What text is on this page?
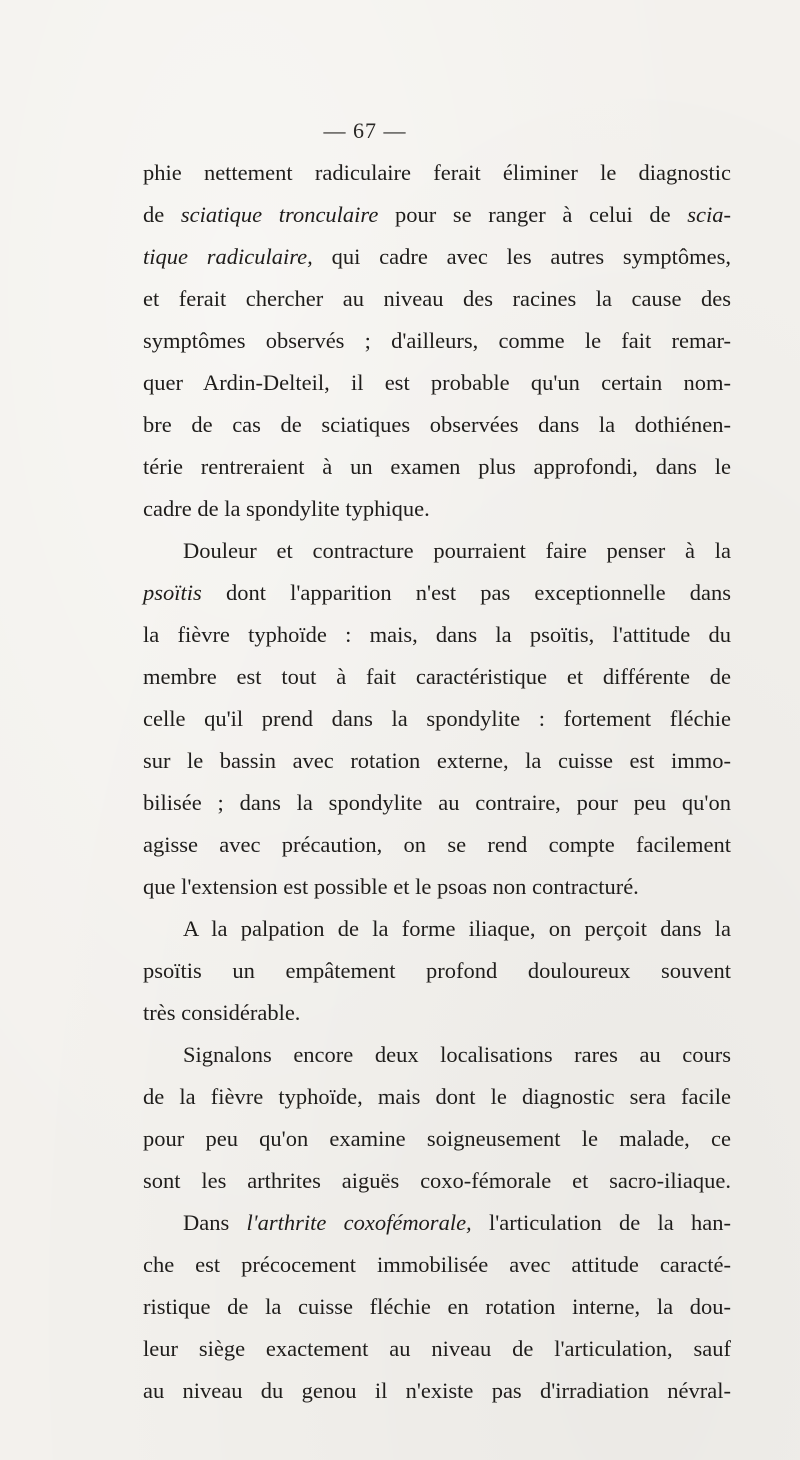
— 67 —
phie nettement radiculaire ferait éliminer le diagnostic
de sciatique tronculaire pour se ranger à celui de scia-
tique radiculaire, qui cadre avec les autres symptômes,
et ferait chercher au niveau des racines la cause des
symptômes observés ; d'ailleurs, comme le fait remar-
quer Ardin-Delteil, il est probable qu'un certain nom-
bre de cas de sciatiques observées dans la dothiénen-
térie rentreraient à un examen plus approfondi, dans le
cadre de la spondylite typhique.
Douleur et contracture pourraient faire penser à la
psoïtis dont l'apparition n'est pas exceptionnelle dans
la fièvre typhoïde : mais, dans la psoïtis, l'attitude du
membre est tout à fait caractéristique et différente de
celle qu'il prend dans la spondylite : fortement fléchie
sur le bassin avec rotation externe, la cuisse est immo-
bilisée ; dans la spondylite au contraire, pour peu qu'on
agisse avec précaution, on se rend compte facilement
que l'extension est possible et le psoas non contracturé.
A la palpation de la forme iliaque, on perçoit dans la
psoïtis un empâtement profond douloureux souvent
très considérable.
Signalons encore deux localisations rares au cours
de la fièvre typhoïde, mais dont le diagnostic sera facile
pour peu qu'on examine soigneusement le malade, ce
sont les arthrites aiguës coxo-fémorale et sacro-iliaque.
Dans l'arthrite coxofémorale, l'articulation de la han-
che est précocement immobilisée avec attitude caracté-
ristique de la cuisse fléchie en rotation interne, la dou-
leur siège exactement au niveau de l'articulation, sauf
au niveau du genou il n'existe pas d'irradiation névral-
